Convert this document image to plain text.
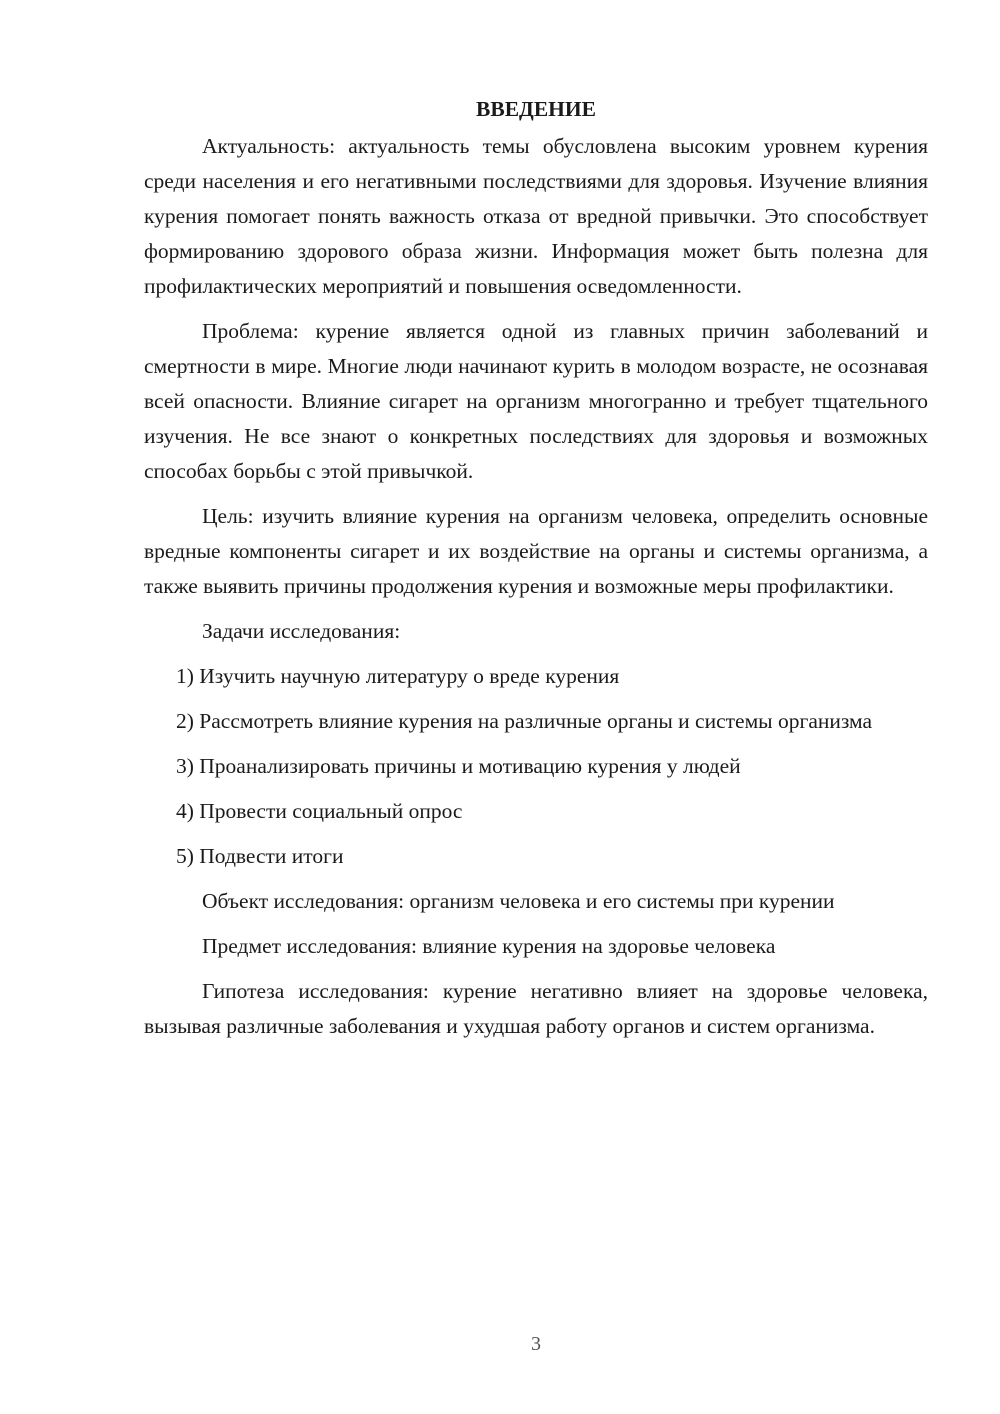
ВВЕДЕНИЕ

Актуальность: актуальность темы обусловлена высоким уровнем курения среди населения и его негативными последствиями для здоровья. Изучение влияния курения помогает понять важность отказа от вредной привычки. Это способствует формированию здорового образа жизни. Информация может быть полезна для профилактических мероприятий и повышения осведомленности.

Проблема: курение является одной из главных причин заболеваний и смертности в мире. Многие люди начинают курить в молодом возрасте, не осознавая всей опасности. Влияние сигарет на организм многогранно и требует тщательного изучения. Не все знают о конкретных последствиях для здоровья и возможных способах борьбы с этой привычкой.

Цель: изучить влияние курения на организм человека, определить основные вредные компоненты сигарет и их воздействие на органы и системы организма, а также выявить причины продолжения курения и возможные меры профилактики.

Задачи исследования:

1) Изучить научную литературу о вреде курения

2) Рассмотреть влияние курения на различные органы и системы организма

3) Проанализировать причины и мотивацию курения у людей

4) Провести социальный опрос

5) Подвести итоги

Объект исследования: организм человека и его системы при курении

Предмет исследования: влияние курения на здоровье человека

Гипотеза исследования: курение негативно влияет на здоровье человека, вызывая различные заболевания и ухудшая работу органов и систем организма.

3
